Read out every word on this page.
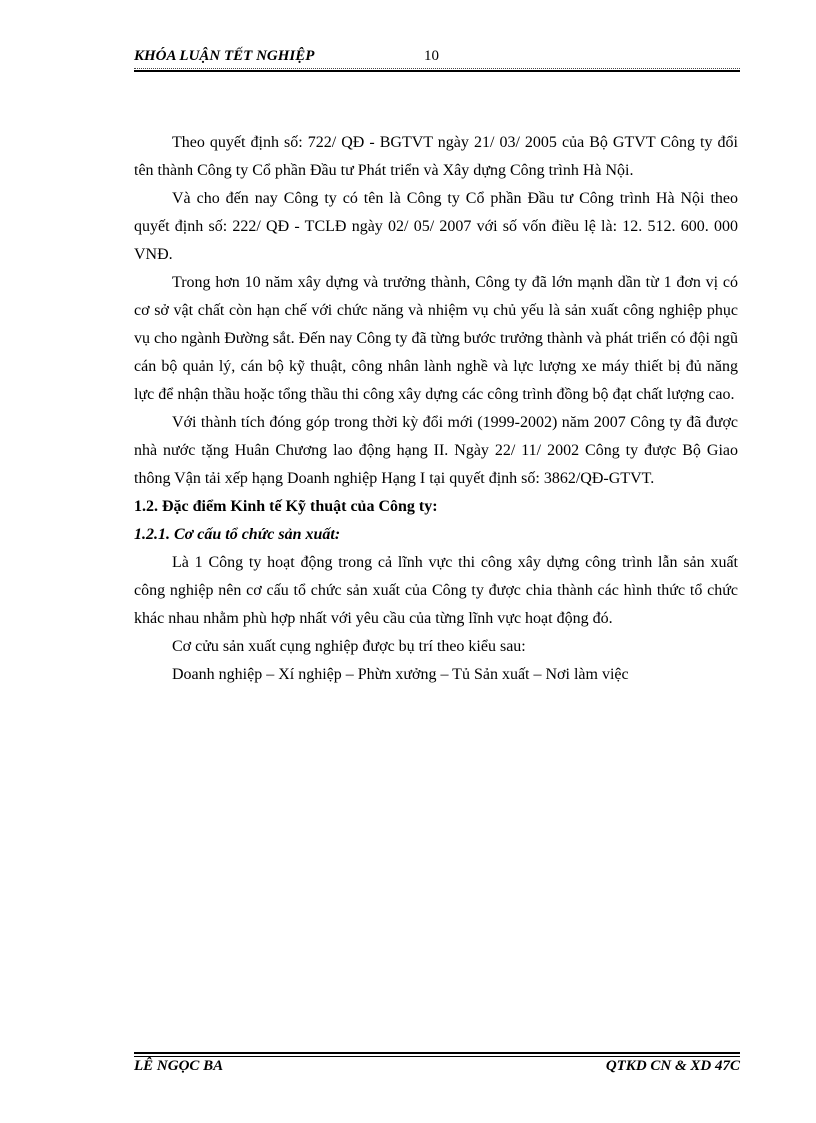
KHÓA LUẬN TẾT NGHIỆP	10

Theo quyết định số: 722/ QĐ - BGTVT ngày 21/ 03/ 2005 của Bộ GTVT Công ty đổi tên thành Công ty Cổ phần Đầu tư Phát triển và Xây dựng Công trình Hà Nội.

Và cho đến nay Công ty có tên là Công ty Cổ phần Đầu tư Công trình Hà Nội theo quyết định số: 222/ QĐ - TCLĐ ngày 02/ 05/ 2007 với số vốn điều lệ là: 12. 512. 600. 000 VNĐ.

Trong hơn 10 năm xây dựng và trưởng thành, Công ty đã lớn mạnh dần từ 1 đơn vị có cơ sở vật chất còn hạn chế với chức năng và nhiệm vụ chủ yếu là sản xuất công nghiệp phục vụ cho ngành Đường sắt. Đến nay Công ty đã từng bước trưởng thành và phát triển có đội ngũ cán bộ quản lý, cán bộ kỹ thuật, công nhân lành nghề và lực lượng xe máy thiết bị đủ năng lực để nhận thầu hoặc tổng thầu thi công xây dựng các công trình đồng bộ đạt chất lượng cao.

Với thành tích đóng góp trong thời kỳ đổi mới (1999-2002) năm 2007 Công ty đã được nhà nước tặng Huân Chương lao động hạng II. Ngày 22/ 11/ 2002 Công ty được Bộ Giao thông Vận tải xếp hạng Doanh nghiệp Hạng I tại quyết định số: 3862/QĐ-GTVT.

1.2. Đặc điểm Kinh tế Kỹ thuật của Công ty:
1.2.1. Cơ cấu tổ chức sản xuất:

Là 1 Công ty hoạt động trong cả lĩnh vực thi công xây dựng công trình lẫn sản xuất công nghiệp nên cơ cấu tổ chức sản xuất của Công ty được chia thành các hình thức tổ chức khác nhau nhằm phù hợp nhất với yêu cầu của từng lĩnh vực hoạt động đó.

Cơ cửu sản xuất cụng nghiệp được bụ trí theo kiểu sau:

Doanh nghiệp – Xí nghiệp – Phừn xưởng – Tủ Sản xuất – Nơi làm việc

LÊ NGỌC BA	QTKD CN & XD 47C
